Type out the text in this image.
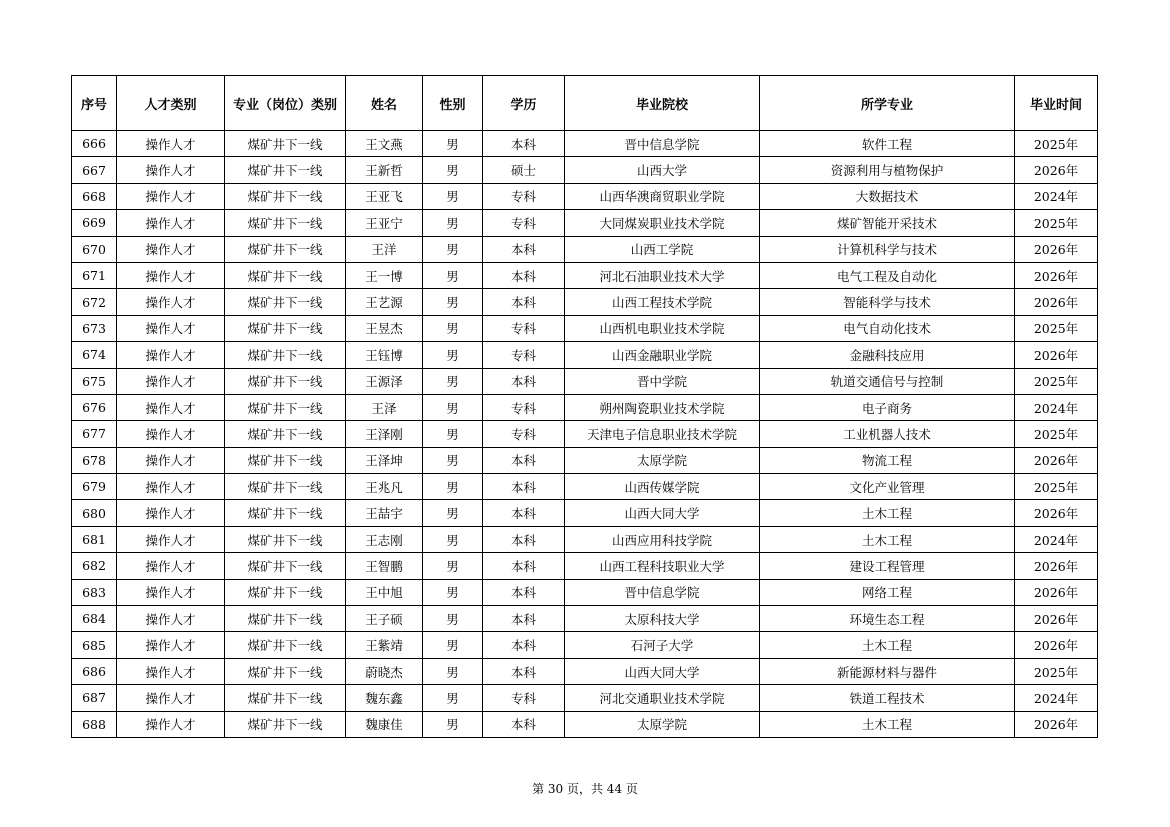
序号	人才类别	专业（岗位）类别	姓名	性别	学历	毕业院校	所学专业	毕业时间
666	操作人才	煤矿井下一线	王文燕	男	本科	晋中信息学院	软件工程	2025年
667	操作人才	煤矿井下一线	王新哲	男	硕士	山西大学	资源利用与植物保护	2026年
668	操作人才	煤矿井下一线	王亚飞	男	专科	山西华澳商贸职业学院	大数据技术	2024年
669	操作人才	煤矿井下一线	王亚宁	男	专科	大同煤炭职业技术学院	煤矿智能开采技术	2025年
670	操作人才	煤矿井下一线	王洋	男	本科	山西工学院	计算机科学与技术	2026年
671	操作人才	煤矿井下一线	王一博	男	本科	河北石油职业技术大学	电气工程及自动化	2026年
672	操作人才	煤矿井下一线	王艺源	男	本科	山西工程技术学院	智能科学与技术	2026年
673	操作人才	煤矿井下一线	王昱杰	男	专科	山西机电职业技术学院	电气自动化技术	2025年
674	操作人才	煤矿井下一线	王钰博	男	专科	山西金融职业学院	金融科技应用	2026年
675	操作人才	煤矿井下一线	王源泽	男	本科	晋中学院	轨道交通信号与控制	2025年
676	操作人才	煤矿井下一线	王泽	男	专科	朔州陶瓷职业技术学院	电子商务	2024年
677	操作人才	煤矿井下一线	王泽刚	男	专科	天津电子信息职业技术学院	工业机器人技术	2025年
678	操作人才	煤矿井下一线	王泽坤	男	本科	太原学院	物流工程	2026年
679	操作人才	煤矿井下一线	王兆凡	男	本科	山西传媒学院	文化产业管理	2025年
680	操作人才	煤矿井下一线	王喆宇	男	本科	山西大同大学	土木工程	2026年
681	操作人才	煤矿井下一线	王志刚	男	本科	山西应用科技学院	土木工程	2024年
682	操作人才	煤矿井下一线	王智鹏	男	本科	山西工程科技职业大学	建设工程管理	2026年
683	操作人才	煤矿井下一线	王中旭	男	本科	晋中信息学院	网络工程	2026年
684	操作人才	煤矿井下一线	王子硕	男	本科	太原科技大学	环境生态工程	2026年
685	操作人才	煤矿井下一线	王紫靖	男	本科	石河子大学	土木工程	2026年
686	操作人才	煤矿井下一线	蔚晓杰	男	本科	山西大同大学	新能源材料与器件	2025年
687	操作人才	煤矿井下一线	魏东鑫	男	专科	河北交通职业技术学院	铁道工程技术	2024年
688	操作人才	煤矿井下一线	魏康佳	男	本科	太原学院	土木工程	2026年
第 30 页，共 44 页
